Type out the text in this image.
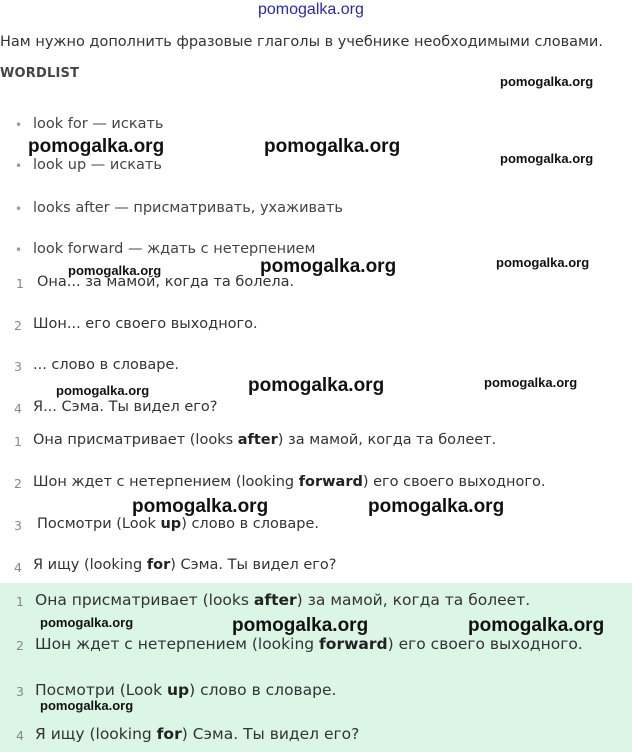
pomogalka.org
Нам нужно дополнить фразовые глаголы в учебнике необходимыми словами.
WORDLIST
• look for — искать
• look up — искать
• looks after — присматривать, ухаживать
• look forward — ждать с нетерпением
1 Она... за мамой, когда та болела.
2 Шон... его своего выходного.
3 ... слово в словаре.
4 Я... Сэма. Ты видел его?
1 Она присматривает (looks after) за мамой, когда та болеет.
2 Шон ждет с нетерпением (looking forward) его своего выходного.
3 Посмотри (Look up) слово в словаре.
4 Я ищу (looking for) Сэма. Ты видел его?
1 Она присматривает (looks after) за мамой, когда та болеет.
2 Шон ждет с нетерпением (looking forward) его своего выходного.
3 Посмотри (Look up) слово в словаре.
4 Я ищу (looking for) Сэма. Ты видел его?
pomogalka.org
pomogalka.org	pomogalka.org
pomogalka.org
pomogalka.org	pomogalka.org	pomogalka.org
pomogalka.org	pomogalka.org	pomogalka.org
pomogalka.org	pomogalka.org
pomogalka.org	pomogalka.org	pomogalka.org
pomogalka.org
